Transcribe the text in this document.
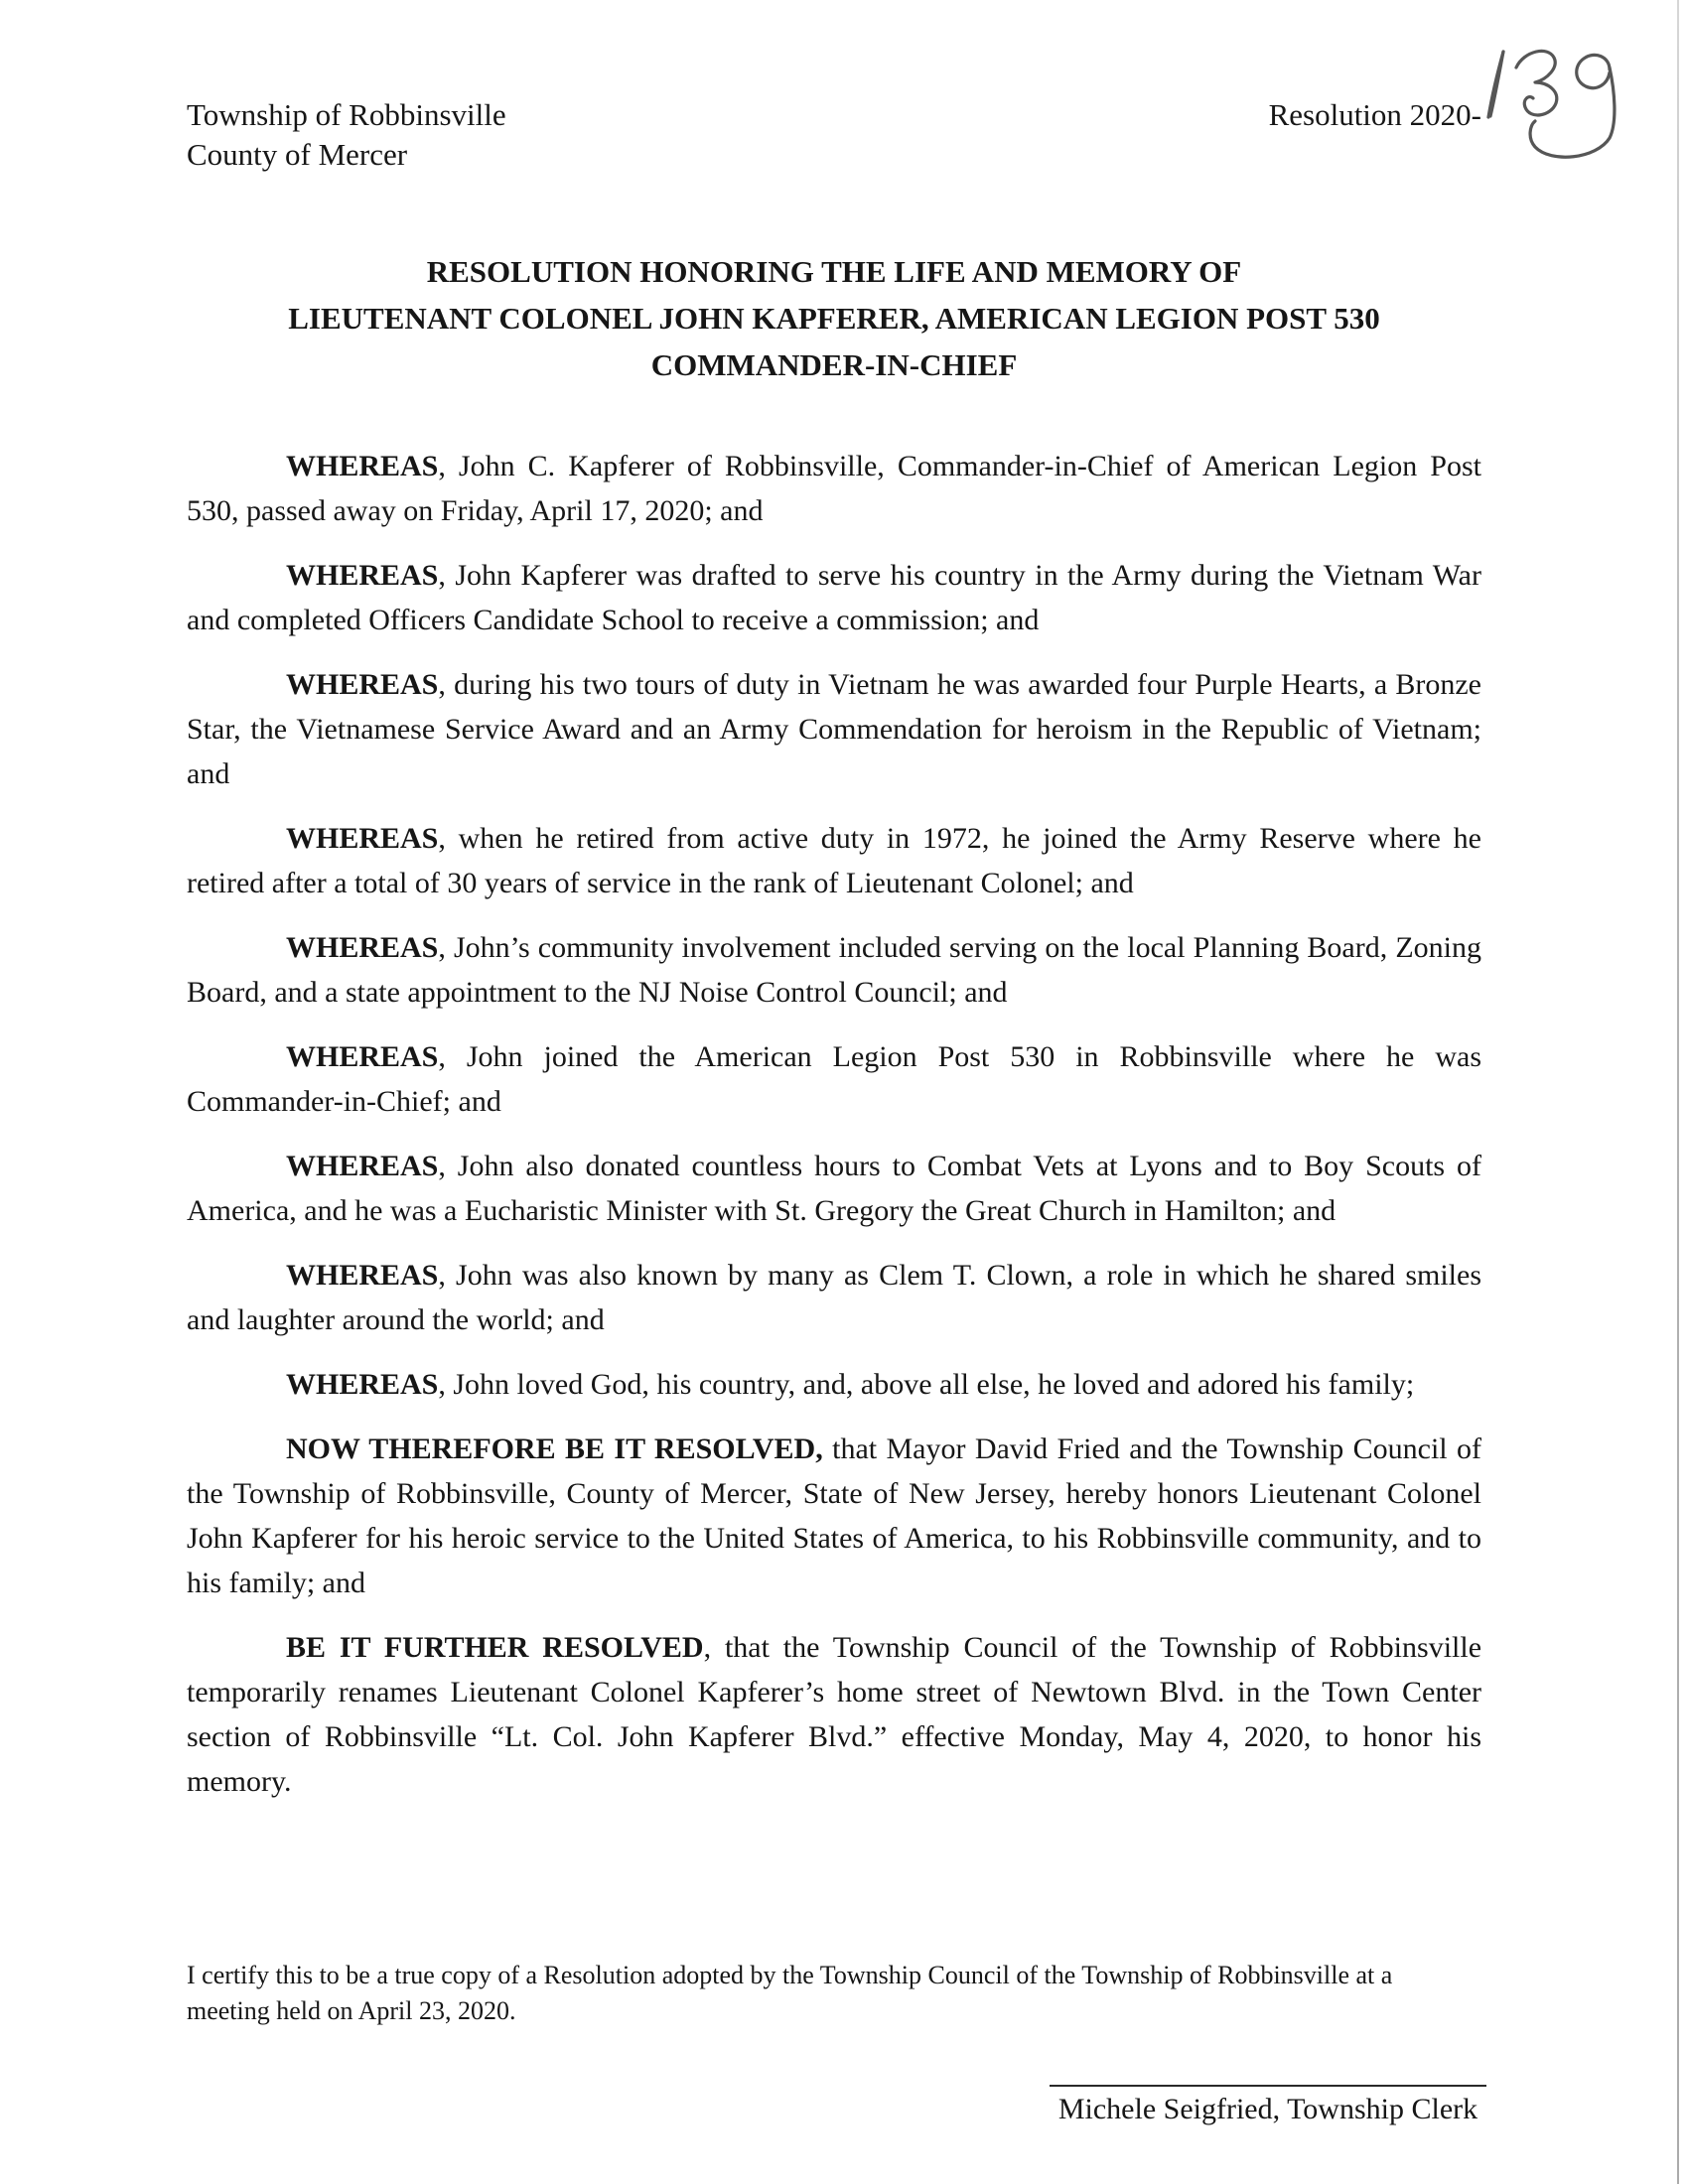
Township of Robbinsville
County of Mercer
Resolution 2020-
RESOLUTION HONORING THE LIFE AND MEMORY OF
LIEUTENANT COLONEL JOHN KAPFERER, AMERICAN LEGION POST 530
COMMANDER-IN-CHIEF

WHEREAS, John C. Kapferer of Robbinsville, Commander-in-Chief of American Legion Post 530, passed away on Friday, April 17, 2020; and

WHEREAS, John Kapferer was drafted to serve his country in the Army during the Vietnam War and completed Officers Candidate School to receive a commission; and

WHEREAS, during his two tours of duty in Vietnam he was awarded four Purple Hearts, a Bronze Star, the Vietnamese Service Award and an Army Commendation for heroism in the Republic of Vietnam; and

WHEREAS, when he retired from active duty in 1972, he joined the Army Reserve where he retired after a total of 30 years of service in the rank of Lieutenant Colonel; and

WHEREAS, John’s community involvement included serving on the local Planning Board, Zoning Board, and a state appointment to the NJ Noise Control Council; and

WHEREAS, John joined the American Legion Post 530 in Robbinsville where he was Commander-in-Chief; and

WHEREAS, John also donated countless hours to Combat Vets at Lyons and to Boy Scouts of America, and he was a Eucharistic Minister with St. Gregory the Great Church in Hamilton; and

WHEREAS, John was also known by many as Clem T. Clown, a role in which he shared smiles and laughter around the world; and

WHEREAS, John loved God, his country, and, above all else, he loved and adored his family;

NOW THEREFORE BE IT RESOLVED, that Mayor David Fried and the Township Council of the Township of Robbinsville, County of Mercer, State of New Jersey, hereby honors Lieutenant Colonel John Kapferer for his heroic service to the United States of America, to his Robbinsville community, and to his family; and

BE IT FURTHER RESOLVED, that the Township Council of the Township of Robbinsville temporarily renames Lieutenant Colonel Kapferer’s home street of Newtown Blvd. in the Town Center section of Robbinsville “Lt. Col. John Kapferer Blvd.” effective Monday, May 4, 2020, to honor his memory.

I certify this to be a true copy of a Resolution adopted by the Township Council of the Township of Robbinsville at a meeting held on April 23, 2020.
Michele Seigfried, Township Clerk
